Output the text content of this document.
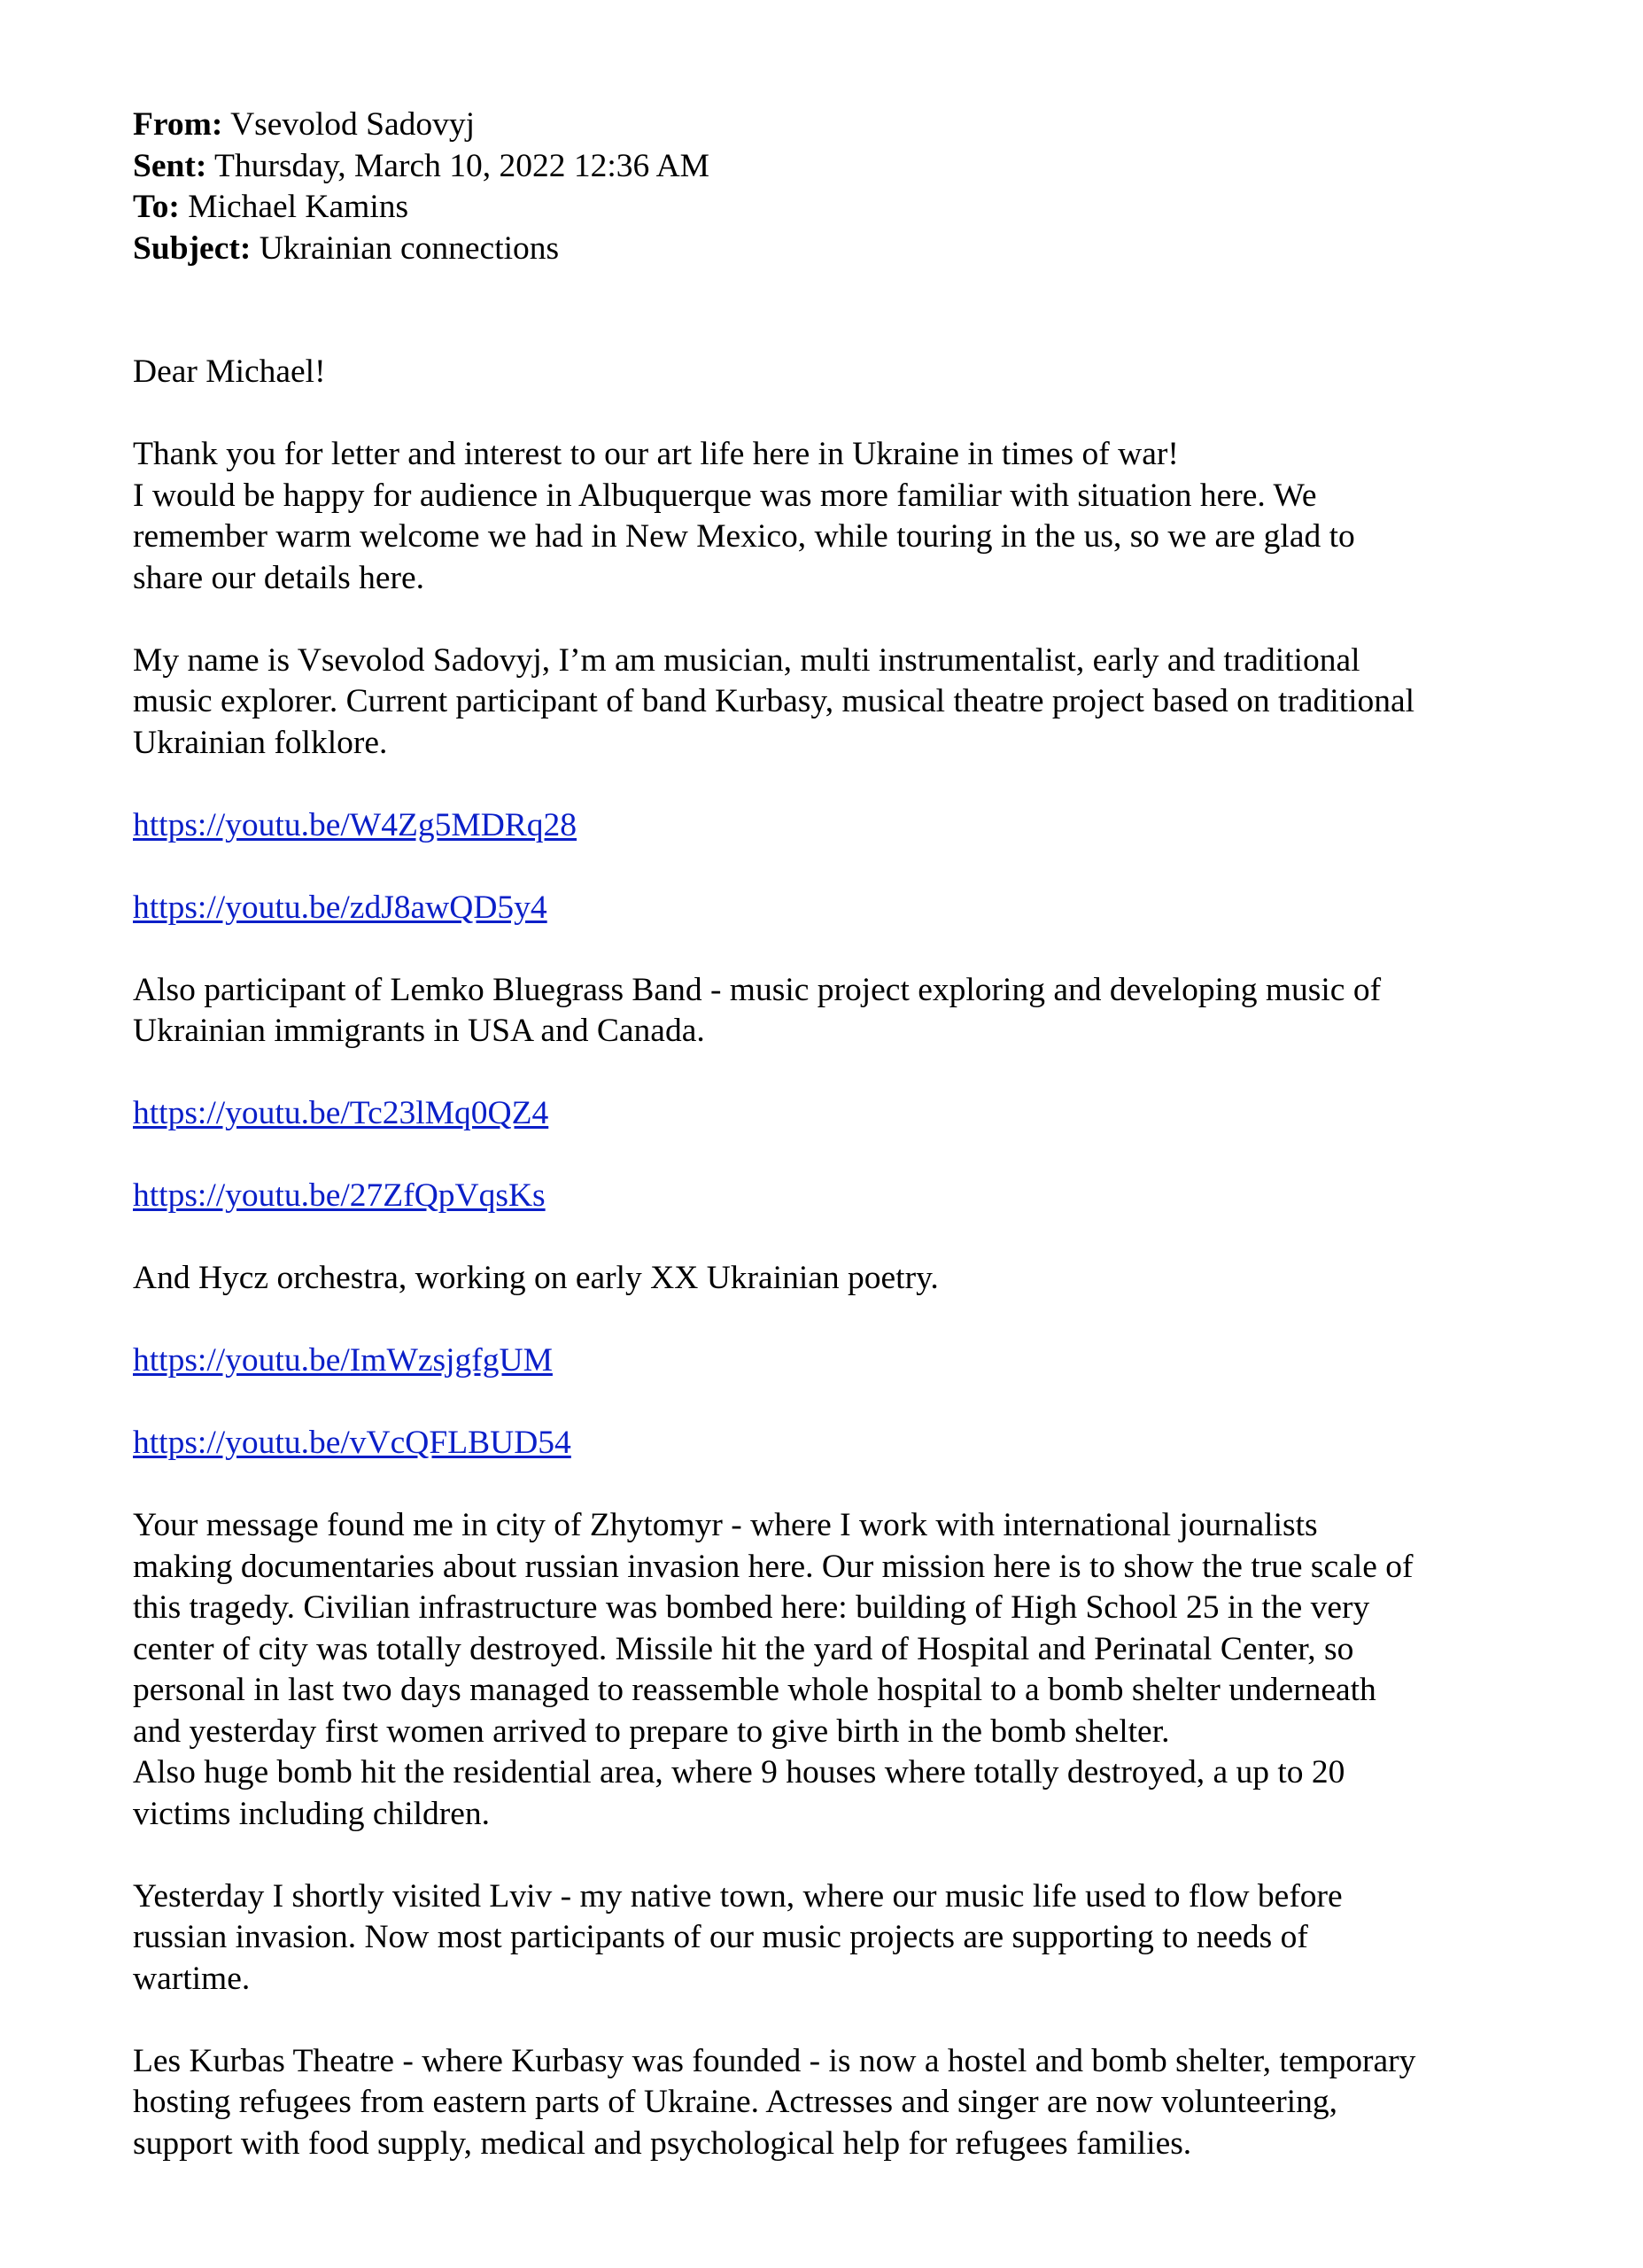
From: Vsevolod Sadovyj

Sent: Thursday, March 10, 2022 12:36 AM

To: Michael Kamins

Subject: Ukrainian connections

Dear Michael!

Thank you for letter and interest to our art life here in Ukraine in times of war!
I would be happy for audience in Albuquerque was more familiar with situation here. We
remember warm welcome we had in New Mexico, while touring in the us, so we are glad to
share our details here.

My name is Vsevolod Sadovyj, I’m am musician, multi instrumentalist, early and traditional
music explorer. Current participant of band Kurbasy, musical theatre project based on traditional
Ukrainian folklore.

https://youtu.be/W4Zg5MDRq28

https://youtu.be/zdJ8awQD5y4

Also participant of Lemko Bluegrass Band - music project exploring and developing music of
Ukrainian immigrants in USA and Canada.

https://youtu.be/Tc23lMq0QZ4

https://youtu.be/27ZfQpVqsKs

And Hycz orchestra, working on early XX Ukrainian poetry.

https://youtu.be/ImWzsjgfgUM

https://youtu.be/vVcQFLBUD54

Your message found me in city of Zhytomyr - where I work with international journalists
making documentaries about russian invasion here. Our mission here is to show the true scale of
this tragedy. Civilian infrastructure was bombed here: building of High School 25 in the very
center of city was totally destroyed. Missile hit the yard of Hospital and Perinatal Center, so
personal in last two days managed to reassemble whole hospital to a bomb shelter underneath
and yesterday first women arrived to prepare to give birth in the bomb shelter.
Also huge bomb hit the residential area, where 9 houses where totally destroyed, a up to 20
victims including children.

Yesterday I shortly visited Lviv - my native town, where our music life used to flow before
russian invasion. Now most participants of our music projects are supporting to needs of
wartime.

Les Kurbas Theatre - where Kurbasy was founded - is now a hostel and bomb shelter, temporary
hosting refugees from eastern parts of Ukraine. Actresses and singer are now volunteering,
support with food supply, medical and psychological help for refugees families.
